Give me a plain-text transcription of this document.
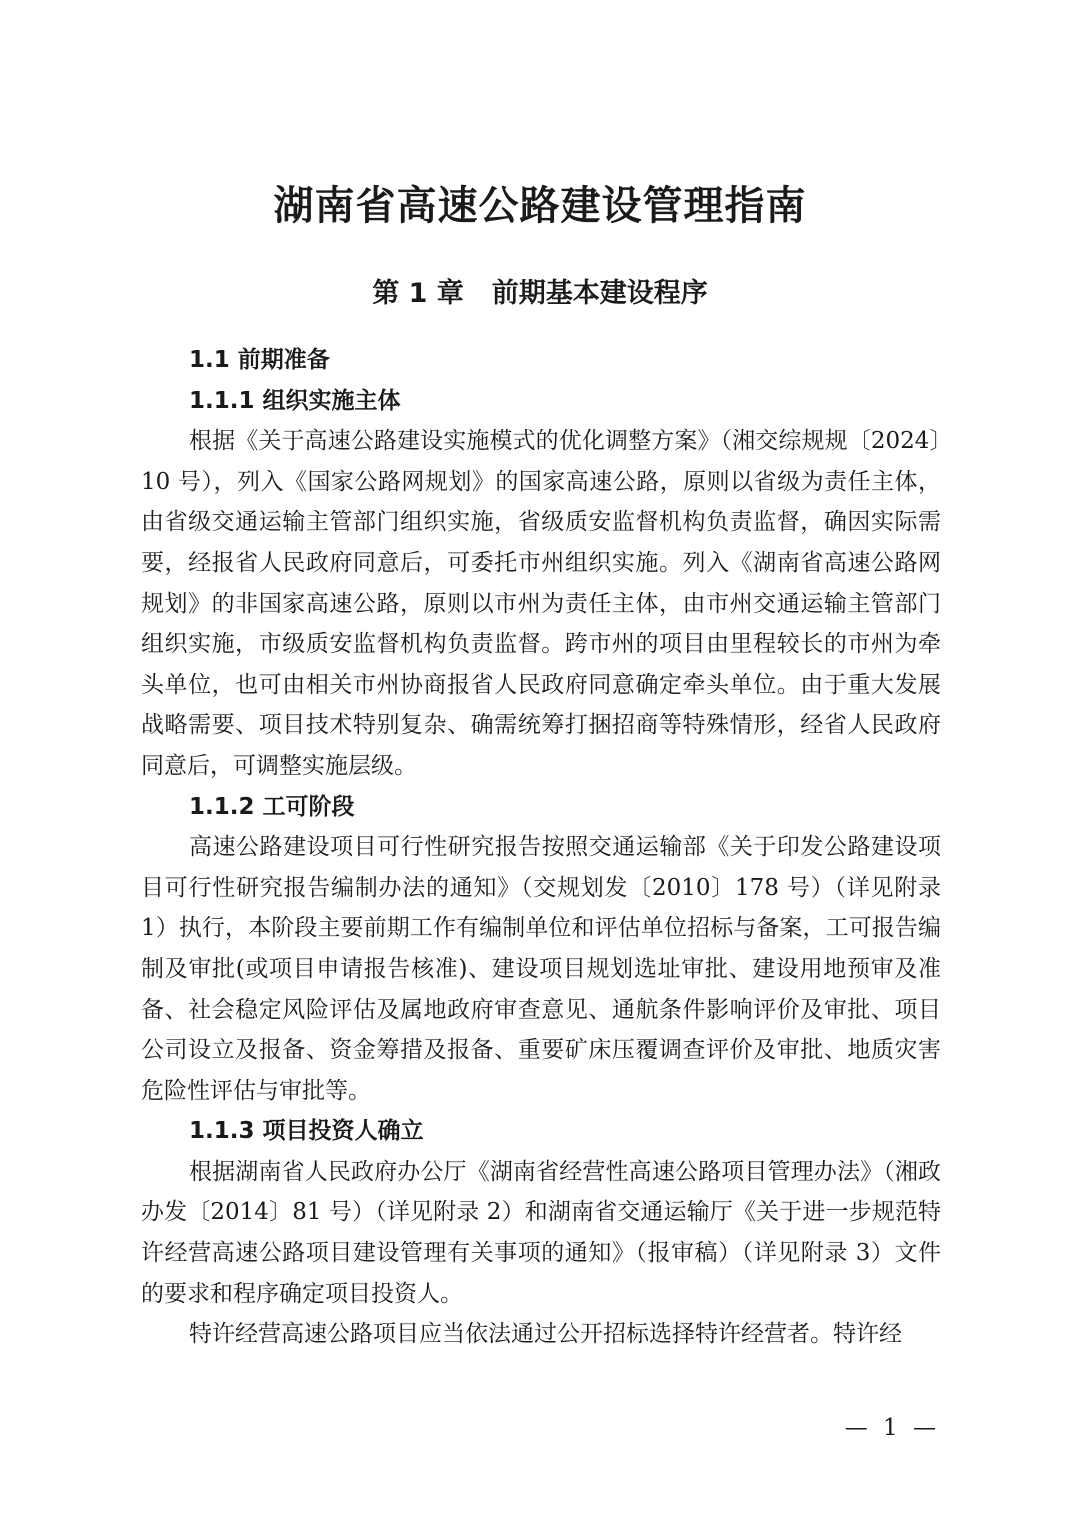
湖南省高速公路建设管理指南
第 1 章 前期基本建设程序

1.1 前期准备

1.1.1 组织实施主体

根据《关于高速公路建设实施模式的优化调整方案》（湘交综规规〔2024〕10 号），列入《国家公路网规划》的国家高速公路，原则以省级为责任主体，由省级交通运输主管部门组织实施，省级质安监督机构负责监督，确因实际需要，经报省人民政府同意后，可委托市州组织实施。列入《湖南省高速公路网规划》的非国家高速公路，原则以市州为责任主体，由市州交通运输主管部门组织实施，市级质安监督机构负责监督。跨市州的项目由里程较长的市州为牵头单位，也可由相关市州协商报省人民政府同意确定牵头单位。由于重大发展战略需要、项目技术特别复杂、确需统筹打捆招商等特殊情形，经省人民政府同意后，可调整实施层级。

1.1.2 工可阶段

高速公路建设项目可行性研究报告按照交通运输部《关于印发公路建设项目可行性研究报告编制办法的通知》（交规划发〔2010〕178 号）（详见附录 1）执行，本阶段主要前期工作有编制单位和评估单位招标与备案，工可报告编制及审批(或项目申请报告核准)、建设项目规划选址审批、建设用地预审及准备、社会稳定风险评估及属地政府审查意见、通航条件影响评价及审批、项目公司设立及报备、资金筹措及报备、重要矿床压覆调查评价及审批、地质灾害危险性评估与审批等。

1.1.3 项目投资人确立

根据湖南省人民政府办公厅《湖南省经营性高速公路项目管理办法》（湘政办发〔2014〕81 号）（详见附录 2）和湖南省交通运输厅《关于进一步规范特许经营高速公路项目建设管理有关事项的通知》（报审稿）（详见附录 3）文件的要求和程序确定项目投资人。

特许经营高速公路项目应当依法通过公开招标选择特许经营者。特许经

— 1 —
